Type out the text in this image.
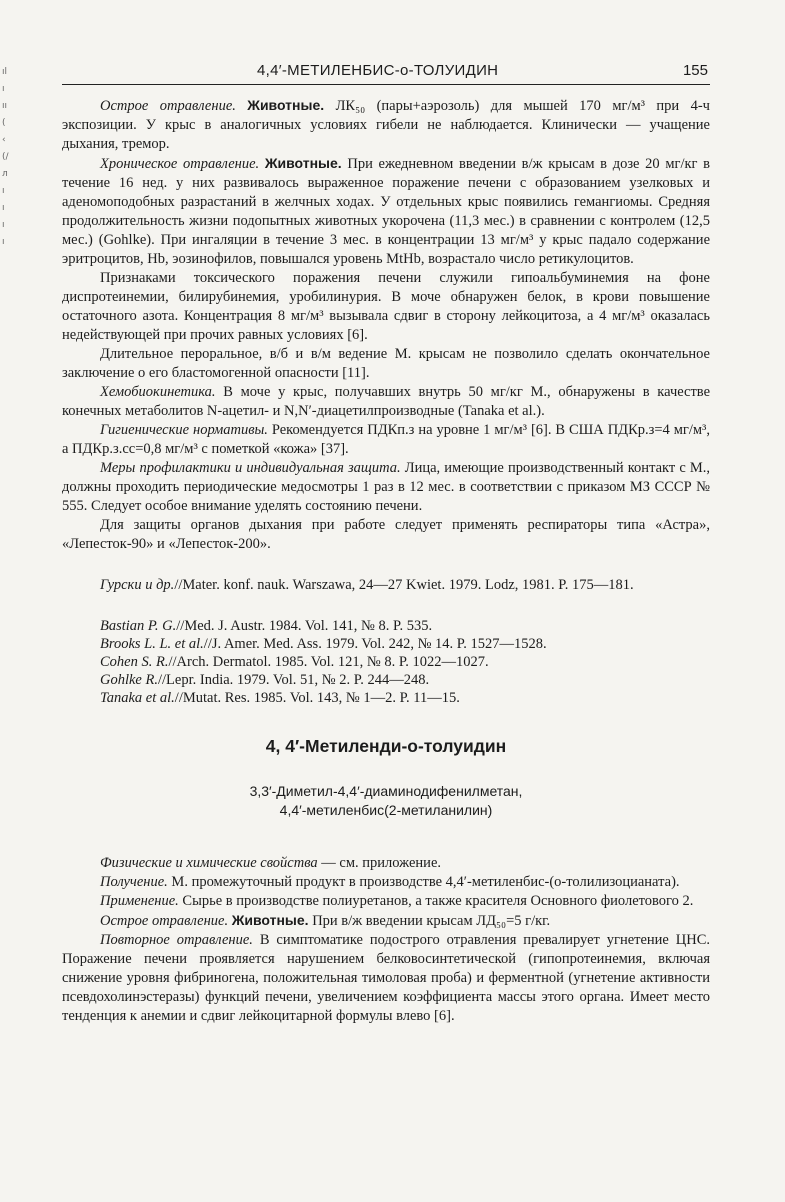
ıl
ı
ıı
(
‹
(/
л
ı
ı
ı
ı
4,4′-МЕТИЛЕНБИС-о-ТОЛУИДИН	155

Острое отравление. Животные. ЛК₅₀ (пары+аэрозоль) для мышей 170 мг/м³ при 4-ч экспозиции. У крыс в аналогичных условиях гибели не наблюдается. Клинически — учащение дыхания, тремор.

Хроническое отравление. Животные. При ежедневном введении в/ж крысам в дозе 20 мг/кг в течение 16 нед. у них развивалось выраженное поражение печени с образованием узелковых и аденомоподобных разрастаний в желчных ходах. У отдельных крыс появились гемангиомы. Средняя продолжительность жизни подопытных животных укорочена (11,3 мес.) в сравнении с контролем (12,5 мес.) (Gohlke). При ингаляции в течение 3 мес. в концентрации 13 мг/м³ у крыс падало содержание эритроцитов, Hb, эозинофилов, повышался уровень MtHb, возрастало число ретикулоцитов.

Признаками токсического поражения печени служили гипоальбуминемия на фоне диспротеинемии, билирубинемия, уробилинурия. В моче обнаружен белок, в крови повышение остаточного азота. Концентрация 8 мг/м³ вызывала сдвиг в сторону лейкоцитоза, а 4 мг/м³ оказалась недействующей при прочих равных условиях [6].

Длительное пероральное, в/б и в/м ведение М. крысам не позволило сделать окончательное заключение о его бластомогенной опасности [11].

Хемобиокинетика. В моче у крыс, получавших внутрь 50 мг/кг М., обнаружены в качестве конечных метаболитов N-ацетил- и N,N′-диацетилпроизводные (Tanaka et al.).

Гигиенические нормативы. Рекомендуется ПДКп.з на уровне 1 мг/м³ [6]. В США ПДКр.з=4 мг/м³, а ПДКр.з.сс=0,8 мг/м³ с пометкой «кожа» [37].

Меры профилактики и индивидуальная защита. Лица, имеющие производственный контакт с М., должны проходить периодические медосмотры 1 раз в 12 мес. в соответствии с приказом МЗ СССР № 555. Следует особое внимание уделять состоянию печени.

Для защиты органов дыхания при работе следует применять респираторы типа «Астра», «Лепесток-90» и «Лепесток-200».

Гурски и др.//Mater. konf. nauk. Warszawa, 24—27 Kwiet. 1979. Lodz, 1981. P. 175—181.

Bastian P. G.//Med. J. Austr. 1984. Vol. 141, № 8. P. 535.
Brooks L. L. et al.//J. Amer. Med. Ass. 1979. Vol. 242, № 14. P. 1527—1528.
Cohen S. R.//Arch. Dermatol. 1985. Vol. 121, № 8. P. 1022—1027.
Gohlke R.//Lepr. India. 1979. Vol. 51, № 2. P. 244—248.
Tanaka et al.//Mutat. Res. 1985. Vol. 143, № 1—2. P. 11—15.
4, 4′-Метиленди-о-толуидин
3,3′-Диметил-4,4′-диаминодифенилметан,
4,4′-метиленбис(2-метиланилин)

Физические и химические свойства — см. приложение.

Получение. М. промежуточный продукт в производстве 4,4′-метиленбис-(о-толилизоцианата).

Применение. Сырье в производстве полиуретанов, а также красителя Основного фиолетового 2.

Острое отравление. Животные. При в/ж введении крысам ЛД₅₀=5 г/кг.

Повторное отравление. В симптоматике подострого отравления превалирует угнетение ЦНС. Поражение печени проявляется нарушением белковосинтетической (гипопротеинемия, включая снижение уровня фибриногена, положительная тимоловая проба) и ферментной (угнетение активности псевдохолинэстеразы) функций печени, увеличением коэффициента массы этого органа. Имеет место тенденция к анемии и сдвиг лейкоцитарной формулы влево [6].
